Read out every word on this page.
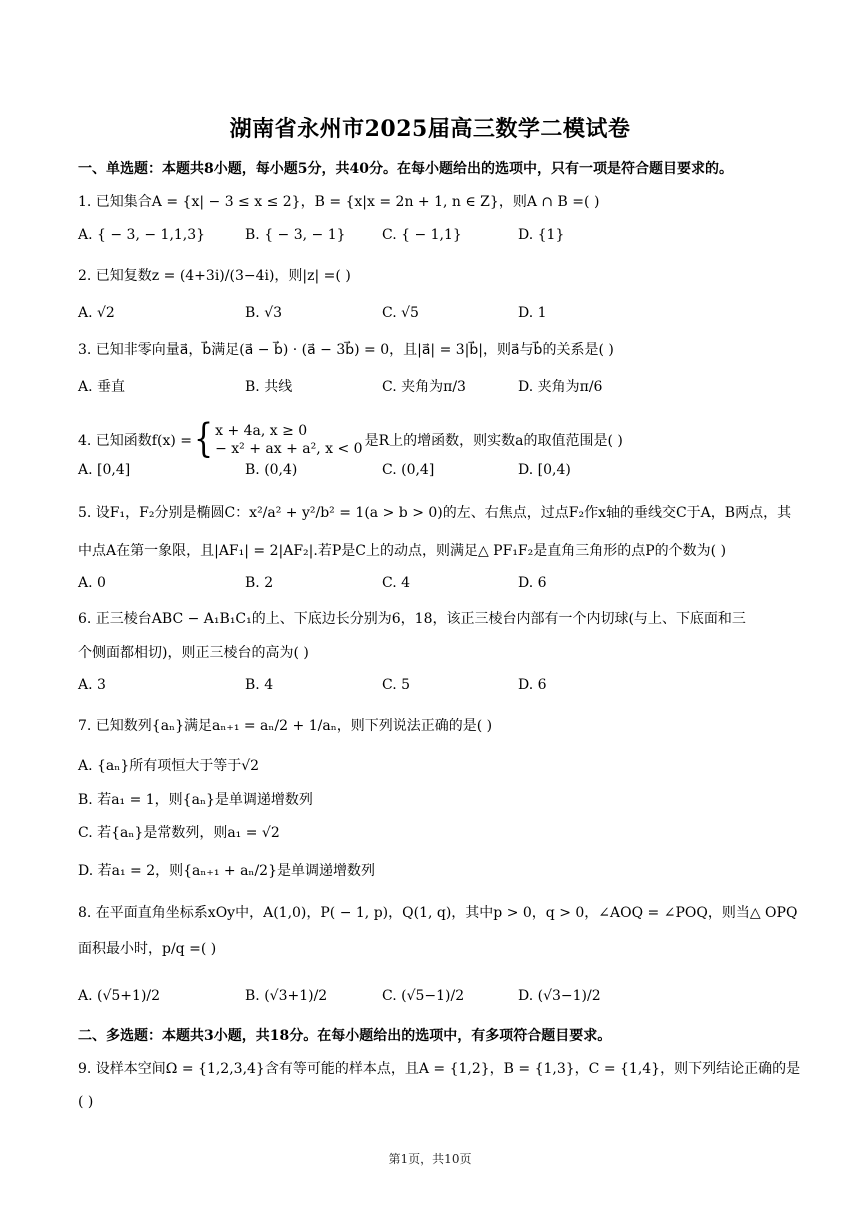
湖南省永州市2025届高三数学二模试卷
一、单选题：本题共8小题，每小题5分，共40分。在每小题给出的选项中，只有一项是符合题目要求的。
1. 已知集合A = {x| − 3 ≤ x ≤ 2}，B = {x|x = 2n + 1, n ∈ Z}，则A ∩ B =( )
A. { − 3, − 1,1,3}	B. { − 3, − 1}	C. { − 1,1}	D. {1}
2. 已知复数z = (4+3i)/(3−4i)，则|z| =( )
A. √2	B. √3	C. √5	D. 1
3. 已知非零向量a⃗，b⃗满足(a⃗ − b⃗) · (a⃗ − 3b⃗) = 0，且|a⃗| = 3|b⃗|，则a⃗与b⃗的关系是( )
A. 垂直	B. 共线	C. 夹角为π/3	D. 夹角为π/6
4. 已知函数f(x) = { x + 4a, x ≥ 0
− x² + ax + a², x < 0 是R上的增函数，则实数a的取值范围是( )
A. [0,4]	B. (0,4)	C. (0,4]	D. [0,4)
5. 设F₁，F₂分别是椭圆C：x²/a² + y²/b² = 1(a > b > 0)的左、右焦点，过点F₂作x轴的垂线交C于A，B两点，其
中点A在第一象限，且|AF₁| = 2|AF₂|.若P是C上的动点，则满足△ PF₁F₂是直角三角形的点P的个数为( )
A. 0	B. 2	C. 4	D. 6
6. 正三棱台ABC − A₁B₁C₁的上、下底边长分别为6，18，该正三棱台内部有一个内切球(与上、下底面和三
个侧面都相切)，则正三棱台的高为( )
A. 3	B. 4	C. 5	D. 6
7. 已知数列{aₙ}满足aₙ₊₁ = aₙ/2 + 1/aₙ，则下列说法正确的是( )
A. {aₙ}所有项恒大于等于√2
B. 若a₁ = 1，则{aₙ}是单调递增数列
C. 若{aₙ}是常数列，则a₁ = √2
D. 若a₁ = 2，则{aₙ₊₁ + aₙ/2}是单调递增数列
8. 在平面直角坐标系xOy中，A(1,0)，P( − 1, p)，Q(1, q)，其中p > 0，q > 0，∠AOQ = ∠POQ，则当△ OPQ
面积最小时，p/q =( )
A. (√5+1)/2	B. (√3+1)/2	C. (√5−1)/2	D. (√3−1)/2
二、多选题：本题共3小题，共18分。在每小题给出的选项中，有多项符合题目要求。
9. 设样本空间Ω = {1,2,3,4}含有等可能的样本点，且A = {1,2}，B = {1,3}，C = {1,4}，则下列结论正确的是
( )
第1页，共10页
